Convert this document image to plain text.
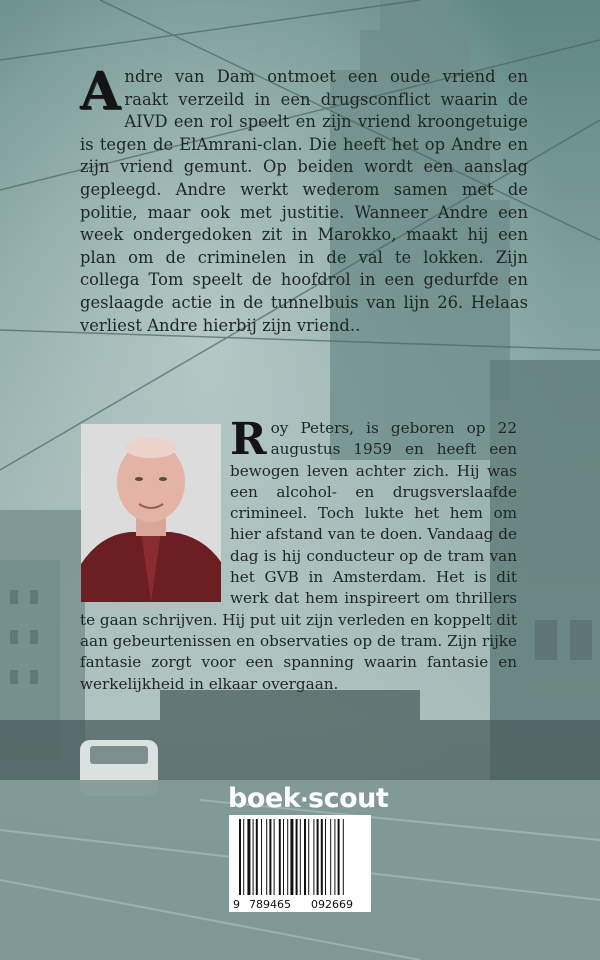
A ndre van Dam ontmoet een oude vriend en raakt verzeild in een drugsconflict waarin de AIVD een rol speelt en zijn vriend kroongetuige is tegen de ElAmrani-clan. Die heeft het op Andre en zijn vriend gemunt. Op beiden wordt een aanslag gepleegd. Andre werkt wederom samen met de politie, maar ook met justitie. Wanneer Andre een week ondergedoken zit in Marokko, maakt hij een plan om de criminelen in de val te lokken. Zijn collega Tom speelt de hoofdrol in een gedurfde en geslaagde actie in de tunnelbuis van lijn 26. Helaas verliest Andre hierbij zijn vriend..
R oy Peters, is geboren op 22 augustus 1959 en heeft een bewogen leven achter zich. Hij was een alcohol- en drugsverslaafde crimineel. Toch lukte het hem om hier afstand van te doen. Vandaag de dag is hij conducteur op de tram van het GVB in Amsterdam. Het is dit werk dat hem inspireert om thrillers te gaan schrijven. Hij put uit zijn verleden en koppelt dit aan gebeurtenissen en observaties op de tram. Zijn rijke fantasie zorgt voor een spanning waarin fantasie en werkelijkheid in elkaar overgaan.
boek·scout
9 789465 092669
